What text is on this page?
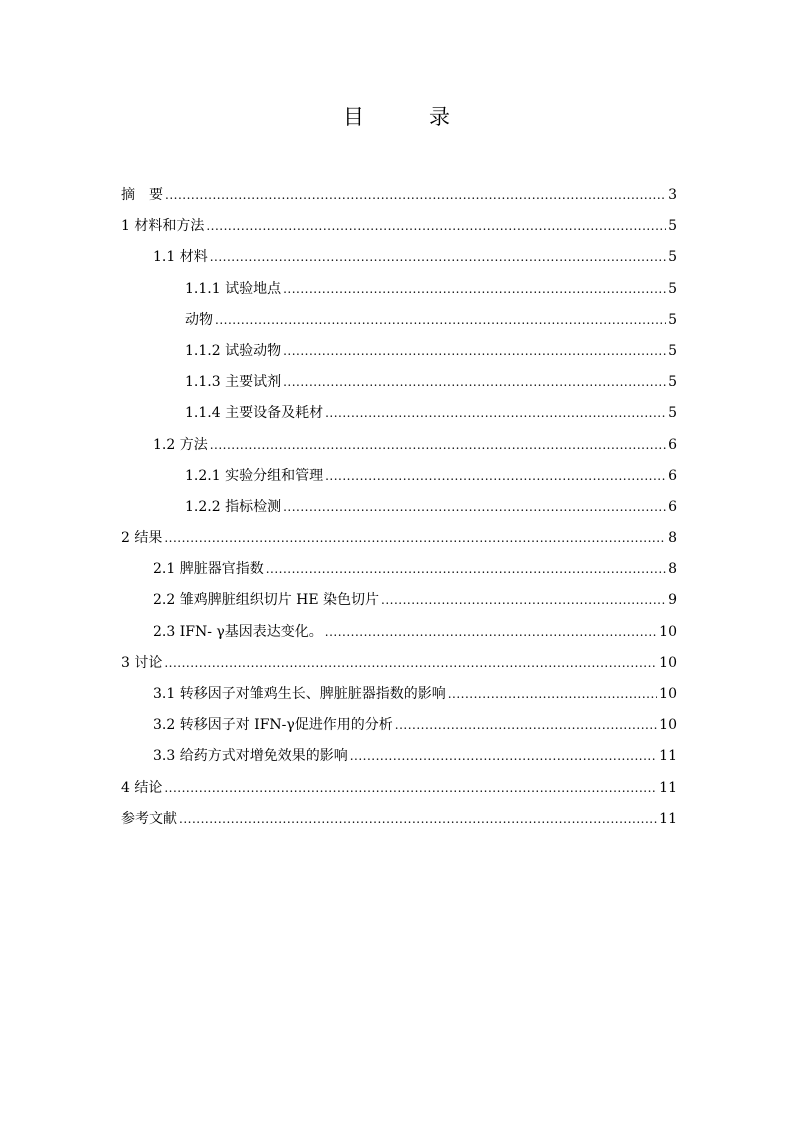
目　录
摘　要 .....	3
1 材料和方法 .....	5
1.1 材料 .....	5
1.1.1 试验地点 .....	5
动物 .....	5
1.1.2 试验动物 .....	5
1.1.3 主要试剂 .....	5
1.1.4 主要设备及耗材 .....	5
1.2 方法 .....	6
1.2.1 实验分组和管理 .....	6
1.2.2 指标检测 .....	6
2 结果 .....	8
2.1 脾脏器官指数 .....	8
2.2 雏鸡脾脏组织切片 HE 染色切片 .....	9
2.3 IFN- γ基因表达变化。 .....	10
3 讨论 .....	10
3.1 转移因子对雏鸡生长、脾脏脏器指数的影响 .....	10
3.2 转移因子对 IFN-γ促进作用的分析 .....	10
3.3 给药方式对增免效果的影响 .....	11
4 结论 .....	11
参考文献 .....	11
